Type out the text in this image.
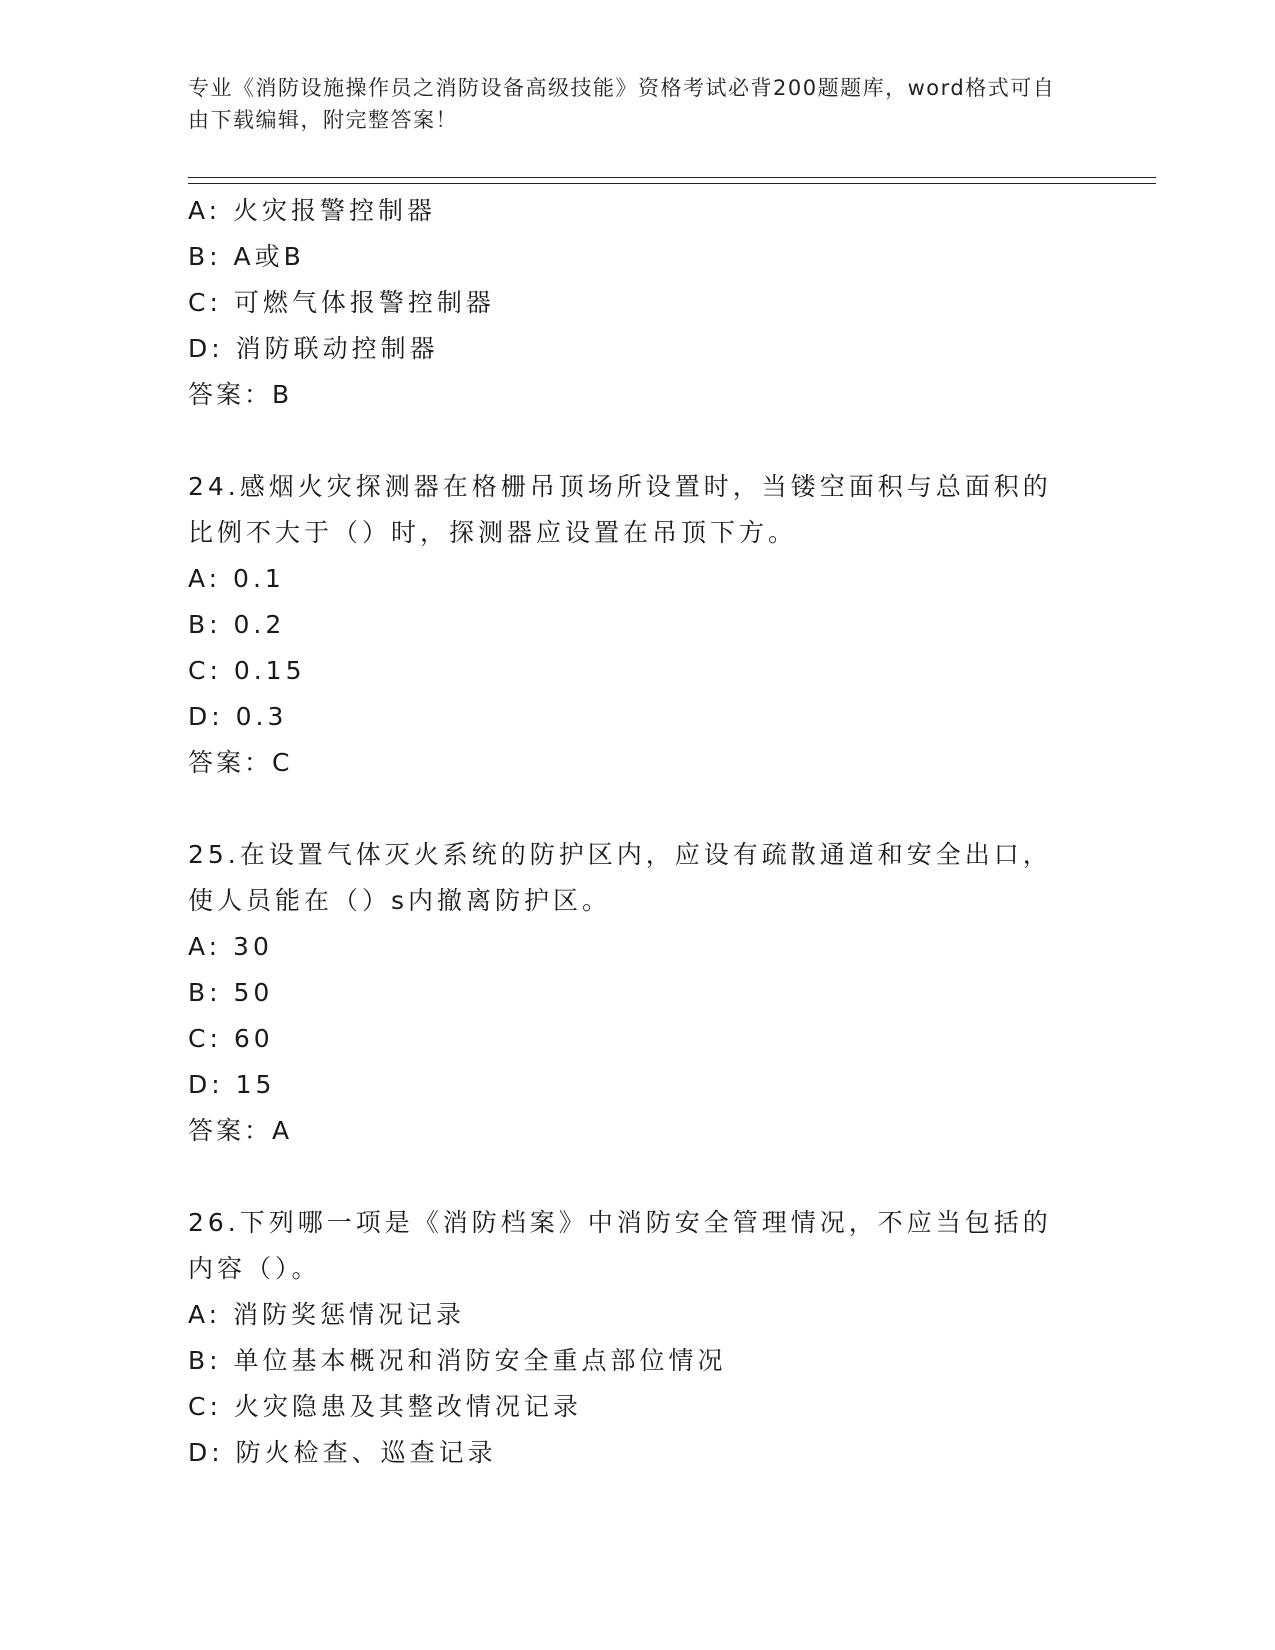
专业《消防设施操作员之消防设备高级技能》资格考试必背200题题库，word格式可自由下载编辑，附完整答案！
A: 火灾报警控制器
B: A或B
C: 可燃气体报警控制器
D: 消防联动控制器
答案：B
24.感烟火灾探测器在格栅吊顶场所设置时，当镂空面积与总面积的比例不大于（）时，探测器应设置在吊顶下方。
A: 0.1
B: 0.2
C: 0.15
D: 0.3
答案：C
25.在设置气体灭火系统的防护区内，应设有疏散通道和安全出口，使人员能在（）s内撤离防护区。
A: 30
B: 50
C: 60
D: 15
答案：A
26.下列哪一项是《消防档案》中消防安全管理情况，不应当包括的内容（）。
A: 消防奖惩情况记录
B: 单位基本概况和消防安全重点部位情况
C: 火灾隐患及其整改情况记录
D: 防火检查、巡查记录
